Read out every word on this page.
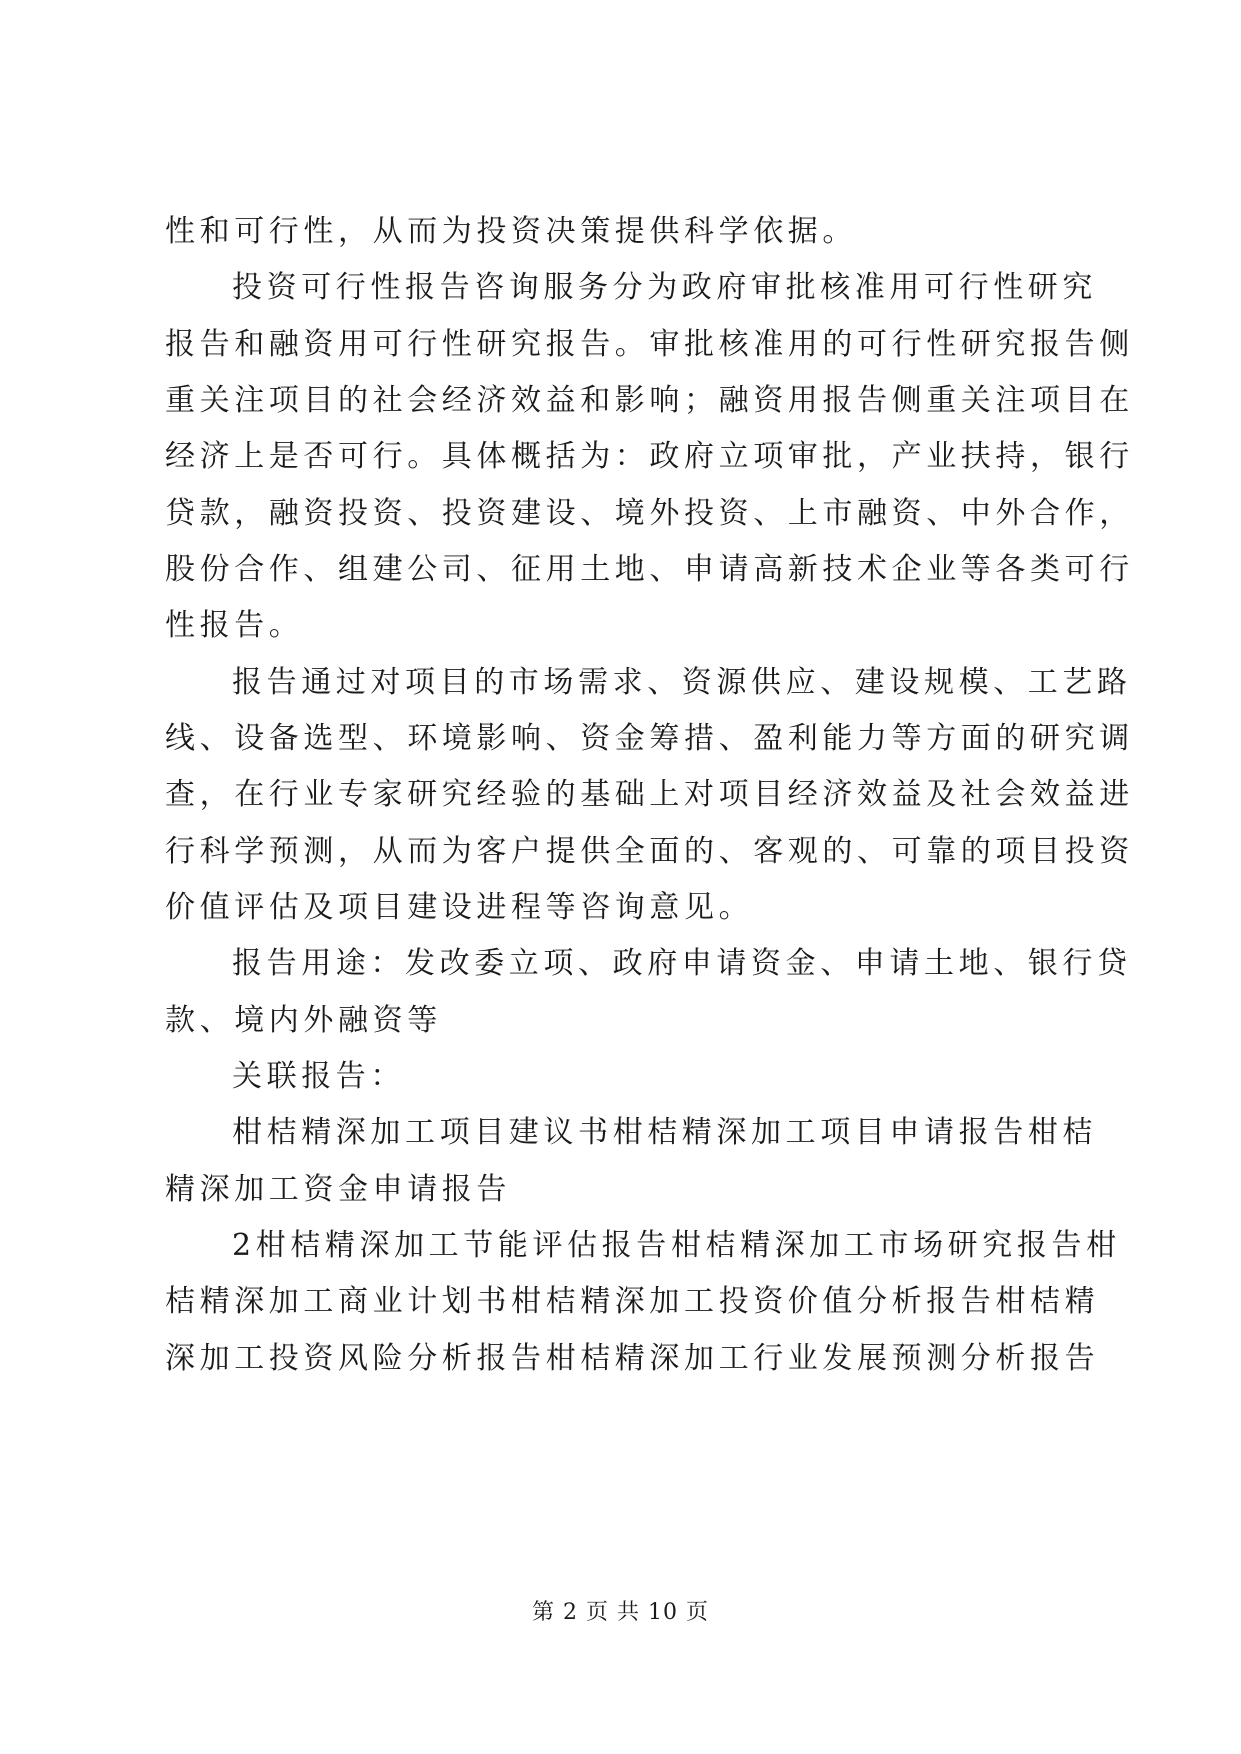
性和可行性，从而为投资决策提供科学依据。
投资可行性报告咨询服务分为政府审批核准用可行性研究
报告和融资用可行性研究报告。审批核准用的可行性研究报告侧
重关注项目的社会经济效益和影响；融资用报告侧重关注项目在
经济上是否可行。具体概括为：政府立项审批，产业扶持，银行
贷款，融资投资、投资建设、境外投资、上市融资、中外合作，
股份合作、组建公司、征用土地、申请高新技术企业等各类可行
性报告。
报告通过对项目的市场需求、资源供应、建设规模、工艺路
线、设备选型、环境影响、资金筹措、盈利能力等方面的研究调
查，在行业专家研究经验的基础上对项目经济效益及社会效益进
行科学预测，从而为客户提供全面的、客观的、可靠的项目投资
价值评估及项目建设进程等咨询意见。
报告用途：发改委立项、政府申请资金、申请土地、银行贷
款、境内外融资等
关联报告：
柑桔精深加工项目建议书柑桔精深加工项目申请报告柑桔
精深加工资金申请报告
2柑桔精深加工节能评估报告柑桔精深加工市场研究报告柑
桔精深加工商业计划书柑桔精深加工投资价值分析报告柑桔精
深加工投资风险分析报告柑桔精深加工行业发展预测分析报告
第 2 页 共 10 页
